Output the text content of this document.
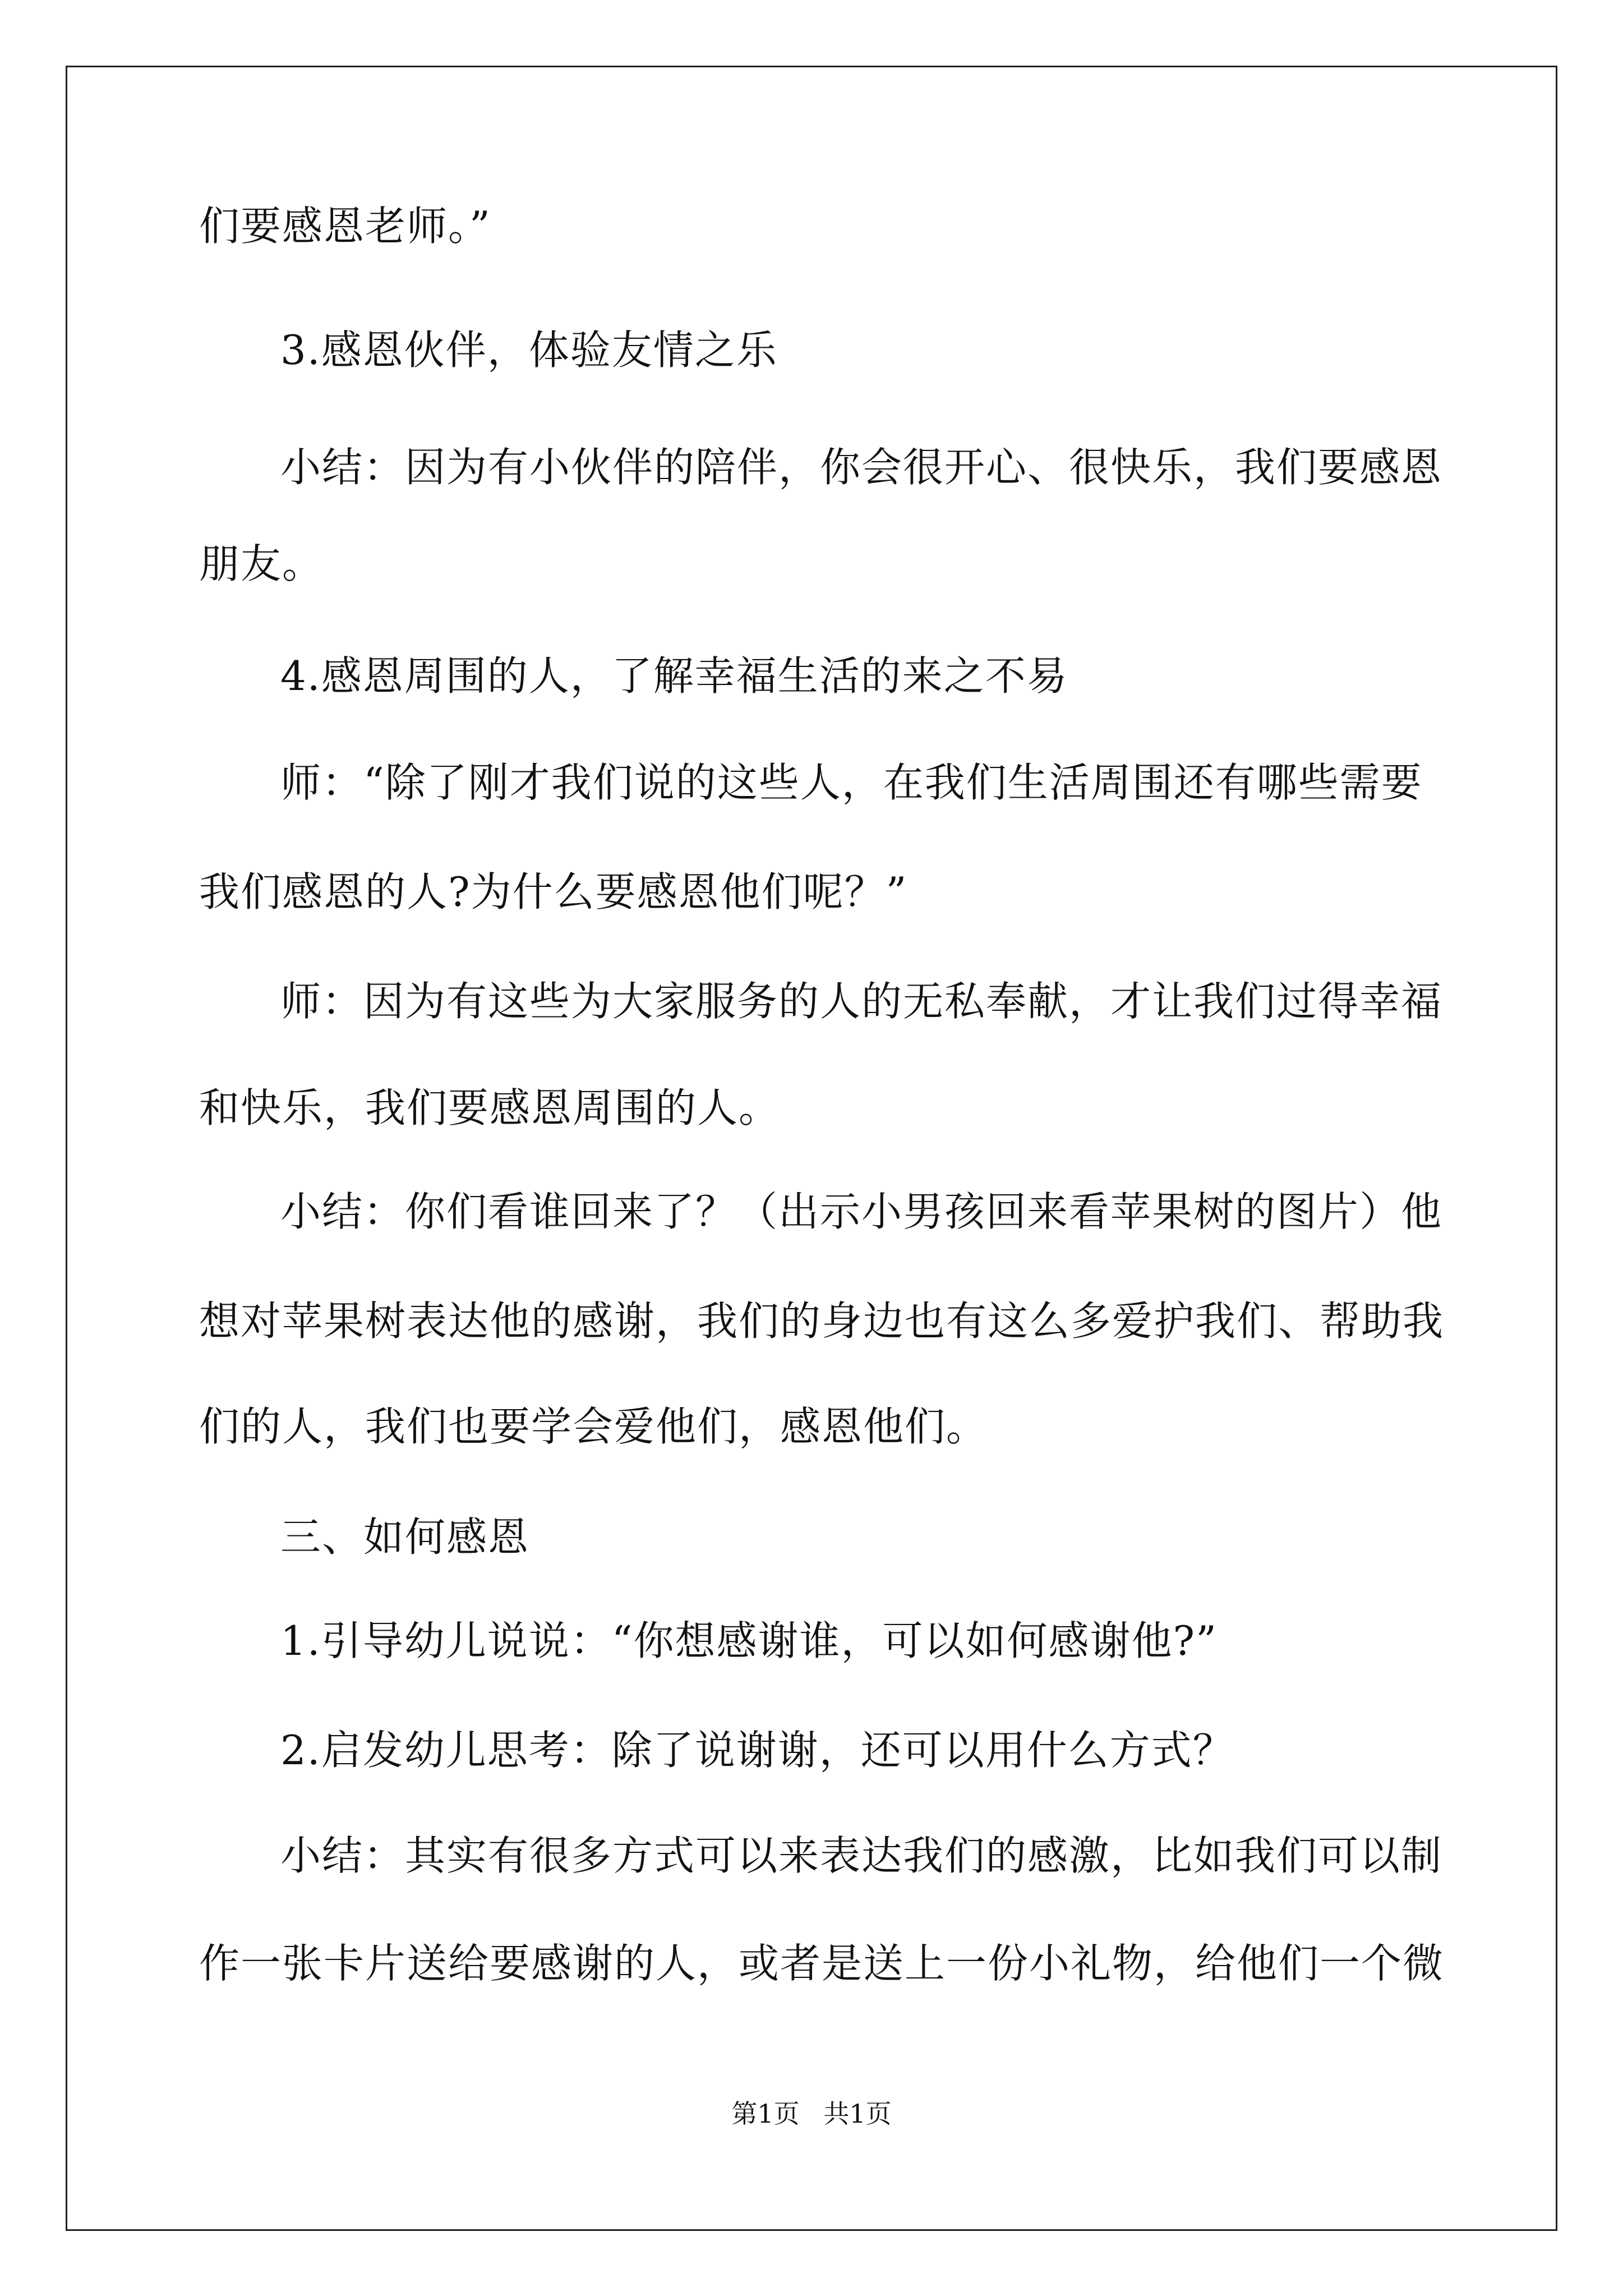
们要感恩老师。”
3.感恩伙伴，体验友情之乐
小结：因为有小伙伴的陪伴，你会很开心、很快乐，我们要感恩
朋友。
4.感恩周围的人，了解幸福生活的来之不易
师：“除了刚才我们说的这些人，在我们生活周围还有哪些需要
我们感恩的人?为什么要感恩他们呢？”
师：因为有这些为大家服务的人的无私奉献，才让我们过得幸福
和快乐，我们要感恩周围的人。
小结：你们看谁回来了？（出示小男孩回来看苹果树的图片）他
想对苹果树表达他的感谢，我们的身边也有这么多爱护我们、帮助我
们的人，我们也要学会爱他们，感恩他们。
三、如何感恩
1.引导幼儿说说：“你想感谢谁，可以如何感谢他?”
2.启发幼儿思考：除了说谢谢，还可以用什么方式？
小结：其实有很多方式可以来表达我们的感激，比如我们可以制
作一张卡片送给要感谢的人，或者是送上一份小礼物，给他们一个微
第1页 共1页
